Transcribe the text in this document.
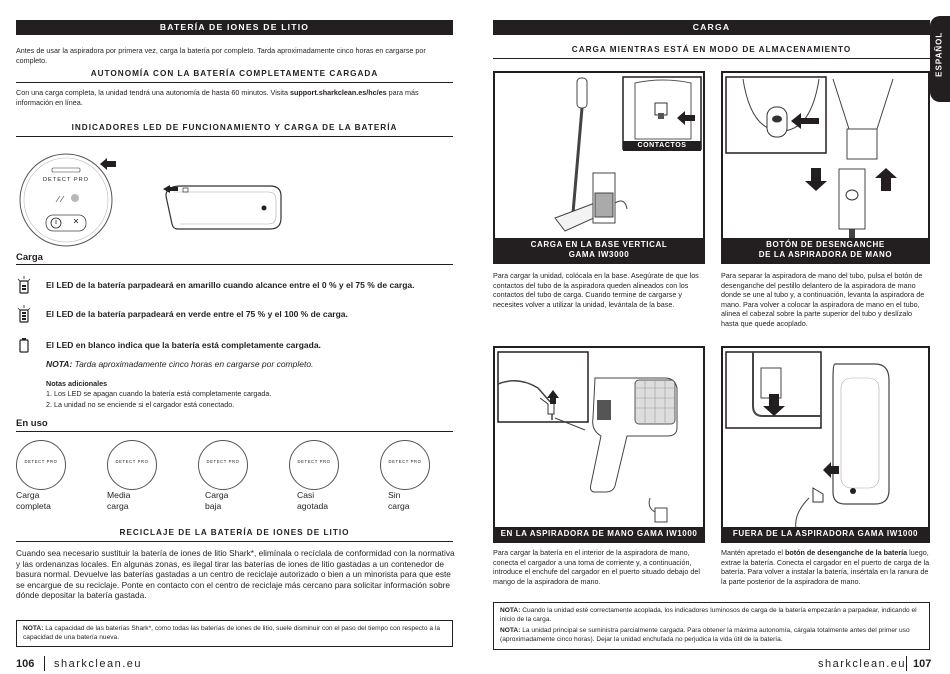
BATERÍA DE IONES DE LITIO
Antes de usar la aspiradora por primera vez, carga la batería por completo. Tarda aproximadamente cinco horas en cargarse por completo.
AUTONOMÍA CON LA BATERÍA COMPLETAMENTE CARGADA
Con una carga completa, la unidad tendrá una autonomía de hasta 60 minutos. Visita support.sharkclean.es/hc/es para más información en línea.
INDICADORES LED DE FUNCIONAMIENTO Y CARGA DE LA BATERÍA
DETECT PRO
Carga
El LED de la batería parpadeará en amarillo cuando alcance entre el 0 % y el 75 % de carga.
El LED de la batería parpadeará en verde entre el 75 % y el 100 % de carga.
El LED en blanco indica que la batería está completamente cargada.
NOTA: Tarda aproximadamente cinco horas en cargarse por completo.
Notas adicionales
1. Los LED se apagan cuando la batería está completamente cargada.
2. La unidad no se enciende si el cargador está conectado.
En uso
DETECT PRO	DETECT PRO	DETECT PRO	DETECT PRO	DETECT PRO
Carga
completa
Media
carga
Carga
baja
Casi
agotada
Sin
carga
RECICLAJE DE LA BATERÍA DE IONES DE LITIO
Cuando sea necesario sustituir la batería de iones de litio Shark*, elimínala o recíclala de conformidad con la normativa y las ordenanzas locales. En algunas zonas, es ilegal tirar las baterías de iones de litio gastadas a un contenedor de basura normal. Devuelve las baterías gastadas a un centro de reciclaje autorizado o bien a un minorista para que este se encargue de su reciclaje. Ponte en contacto con el centro de reciclaje más cercano para solicitar información sobre dónde depositar la batería gastada.
NOTA: La capacidad de las baterías Shark*, como todas las baterías de iones de litio, suele disminuir con el paso del tiempo con respecto a la capacidad de una batería nueva.
106 sharkclean.eu
CARGA
ESPAÑOL
CARGA MIENTRAS ESTÁ EN MODO DE ALMACENAMIENTO
CONTACTOS
CARGA EN LA BASE VERTICAL
GAMA IW3000
Para cargar la unidad, colócala en la base. Asegúrate de que los contactos del tubo de la aspiradora queden alineados con los contactos del tubo de carga. Cuando termine de cargarse y necesites volver a utilizar la unidad, levántala de la base.
BOTÓN DE DESENGANCHE
DE LA ASPIRADORA DE MANO
Para separar la aspiradora de mano del tubo, pulsa el botón de desenganche del pestillo delantero de la aspiradora de mano donde se une al tubo y, a continuación, levanta la aspiradora de mano. Para volver a colocar la aspiradora de mano en el tubo, alinea el cabezal sobre la parte superior del tubo y deslízalo hasta que quede acoplado.
EN LA ASPIRADORA DE MANO GAMA IW1000
Para cargar la batería en el interior de la aspiradora de mano, conecta el cargador a una toma de corriente y, a continuación, introduce el enchufe del cargador en el puerto situado debajo del mango de la aspiradora de mano.
FUERA DE LA ASPIRADORA GAMA IW1000
Mantén apretado el botón de desenganche de la batería luego, extrae la batería. Conecta el cargador en el puerto de carga de la batería. Para volver a instalar la batería, insértala en la ranura de la parte posterior de la aspiradora de mano.
NOTA: Cuando la unidad esté correctamente acoplada, los indicadores luminosos de carga de la batería empezarán a parpadear, indicando el inicio de la carga.
NOTA: La unidad principal se suministra parcialmente cargada. Para obtener la máxima autonomía, cárgala totalmente antes del primer uso (aproximadamente cinco horas). Dejar la unidad enchufada no perjudica la vida útil de la batería.
sharkclean.eu 107
